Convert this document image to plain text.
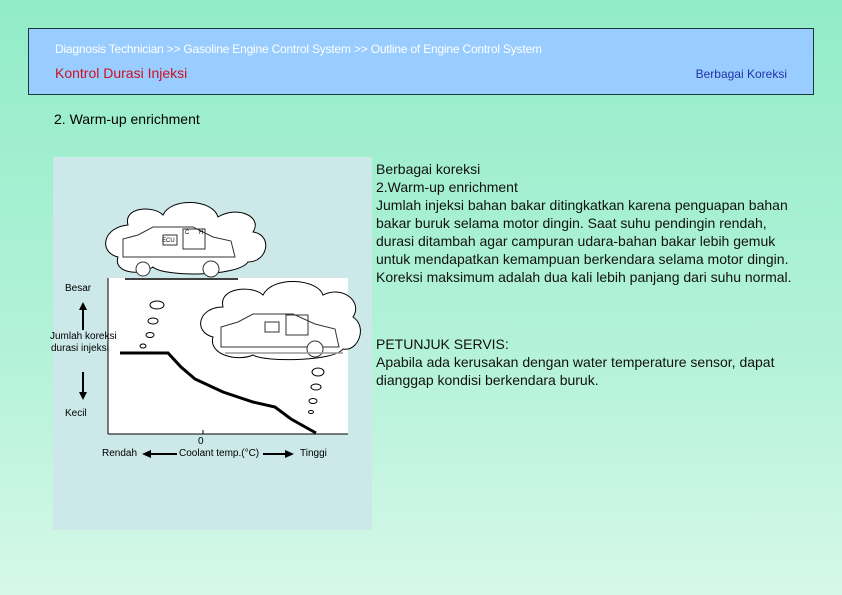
Diagnosis Technician >> Gasoline Engine Control System >> Outline of Engine Control System
Kontrol Durasi Injeksi	Berbagai Koreksi
2. Warm-up enrichment
Besar
Jumlah koreksi
durasi injeksi
Kecil
0
Rendah	Coolant temp.(°C)	Tinggi
ECU
C H

Berbagai koreksi

2.Warm-up enrichment

Jumlah injeksi bahan bakar ditingkatkan karena penguapan bahan bakar buruk selama motor dingin. Saat suhu pendingin rendah, durasi ditambah agar campuran udara-bahan bakar lebih gemuk untuk mendapatkan kemampuan berkendara selama motor dingin. Koreksi maksimum adalah dua kali lebih panjang dari suhu normal.

PETUNJUK SERVIS:

Apabila ada kerusakan dengan water temperature sensor, dapat dianggap kondisi berkendara buruk.
